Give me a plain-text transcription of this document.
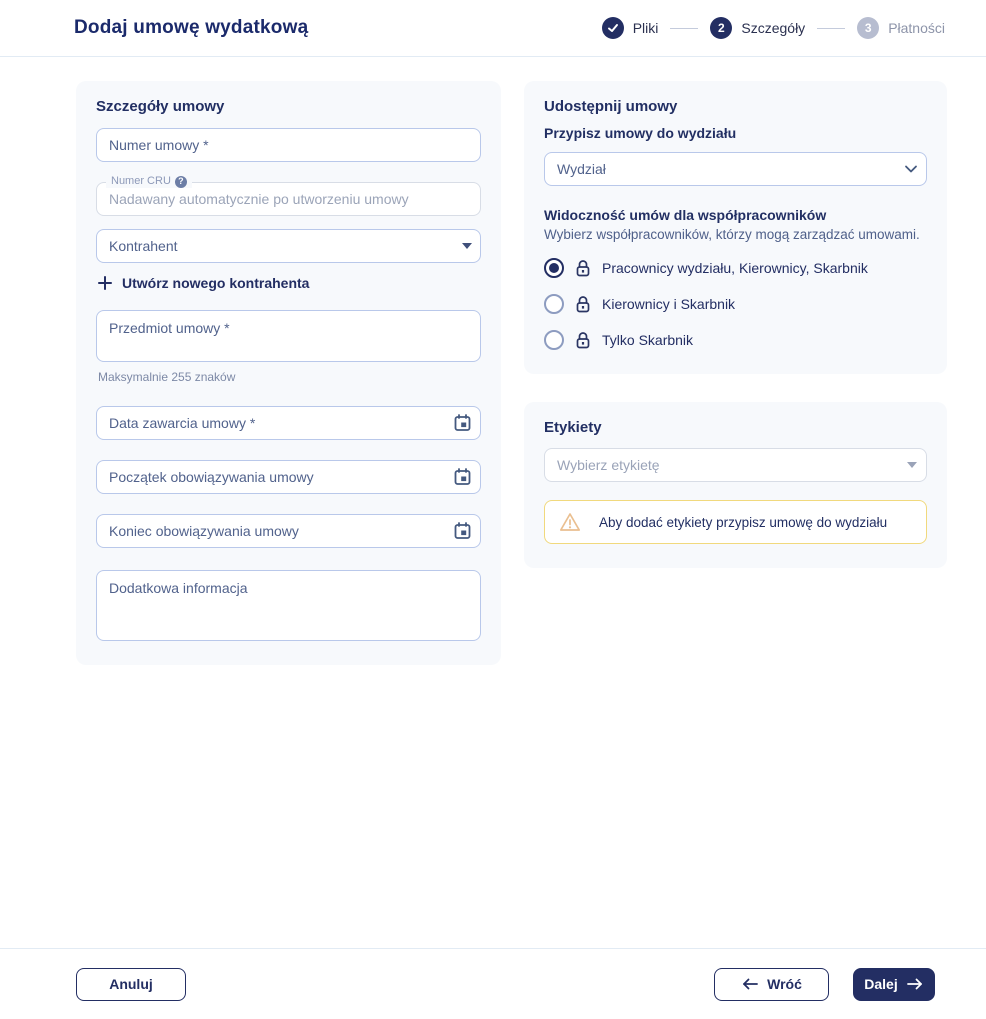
Dodaj umowę wydatkową	Pliki	2	Szczegóły	3	Płatności
Szczegóły umowy
Numer umowy *
Numer CRU ?
Nadawany automatycznie po utworzeniu umowy
Kontrahent
Utwórz nowego kontrahenta
Przedmiot umowy *
Maksymalnie 255 znaków
Data zawarcia umowy *
Początek obowiązywania umowy
Koniec obowiązywania umowy
Dodatkowa informacja
Udostępnij umowy
Przypisz umowy do wydziału
Wydział
Widoczność umów dla współpracowników
Wybierz współpracowników, którzy mogą zarządzać umowami.
Pracownicy wydziału, Kierownicy, Skarbnik
Kierownicy i Skarbnik
Tylko Skarbnik
Etykiety
Wybierz etykietę
Aby dodać etykiety przypisz umowę do wydziału
Anuluj	Wróć	Dalej
